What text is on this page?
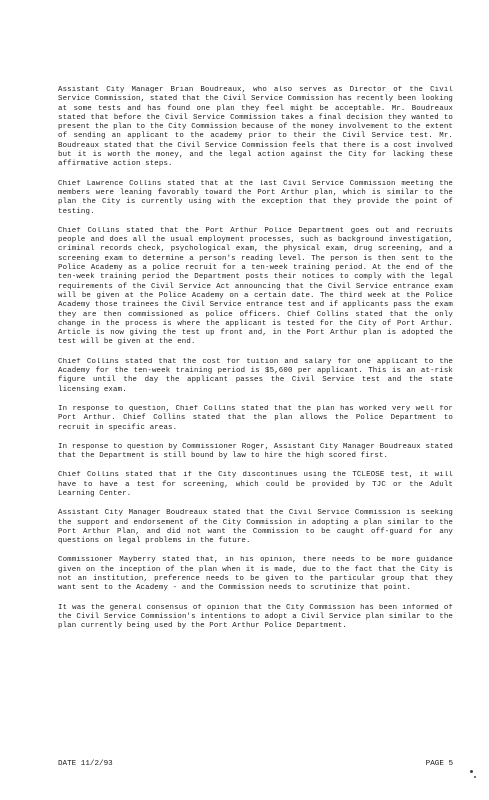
Assistant City Manager Brian Boudreaux, who also serves as Director of the Civil Service Commission, stated that the Civil Service Commission has recently been looking at some tests and has found one plan they feel might be acceptable. Mr. Boudreaux stated that before the Civil Service Commission takes a final decision they wanted to present the plan to the City Commission because of the money involvement to the extent of sending an applicant to the academy prior to their the Civil Service test. Mr. Boudreaux stated that the Civil Service Commission feels that there is a cost involved but it is worth the money, and the legal action against the City for lacking these affirmative action steps.

Chief Lawrence Collins stated that at the last Civil Service Commission meeting the members were leaning favorably toward the Port Arthur plan, which is similar to the plan the City is currently using with the exception that they provide the point of testing.

Chief Collins stated that the Port Arthur Police Department goes out and recruits people and does all the usual employment processes, such as background investigation, criminal records check, psychological exam, the physical exam, drug screening, and a screening exam to determine a person's reading level. The person is then sent to the Police Academy as a police recruit for a ten-week training period. At the end of the ten-week training period the Department posts their notices to comply with the legal requirements of the Civil Service Act announcing that the Civil Service entrance exam will be given at the Police Academy on a certain date. The third week at the Police Academy those trainees the Civil Service entrance test and if applicants pass the exam they are then commissioned as police officers. Chief Collins stated that the only change in the process is where the applicant is tested for the City of Port Arthur. Article is now giving the test up front and, in the Port Arthur plan is adopted the test will be given at the end.

Chief Collins stated that the cost for tuition and salary for one applicant to the Academy for the ten-week training period is $5,600 per applicant. This is an at-risk figure until the day the applicant passes the Civil Service test and the state licensing exam.

In response to question, Chief Collins stated that the plan has worked very well for Port Arthur. Chief Collins stated that the plan allows the Police Department to recruit in specific areas.

In response to question by Commissioner Roger, Assistant City Manager Boudreaux stated that the Department is still bound by law to hire the high scored first.

Chief Collins stated that if the City discontinues using the TCLEOSE test, it will have to have a test for screening, which could be provided by TJC or the Adult Learning Center.

Assistant City Manager Boudreaux stated that the Civil Service Commission is seeking the support and endorsement of the City Commission in adopting a plan similar to the Port Arthur Plan, and did not want the Commission to be caught off-guard for any questions on legal problems in the future.

Commissioner Mayberry stated that, in his opinion, there needs to be more guidance given on the inception of the plan when it is made, due to the fact that the City is not an institution, preference needs to be given to the particular group that they want sent to the Academy - and the Commission needs to scrutinize that point.

It was the general consensus of opinion that the City Commission has been informed of the Civil Service Commission's intentions to adopt a Civil Service plan similar to the plan currently being used by the Port Arthur Police Department.

DATE 11/2/93	PAGE 5
